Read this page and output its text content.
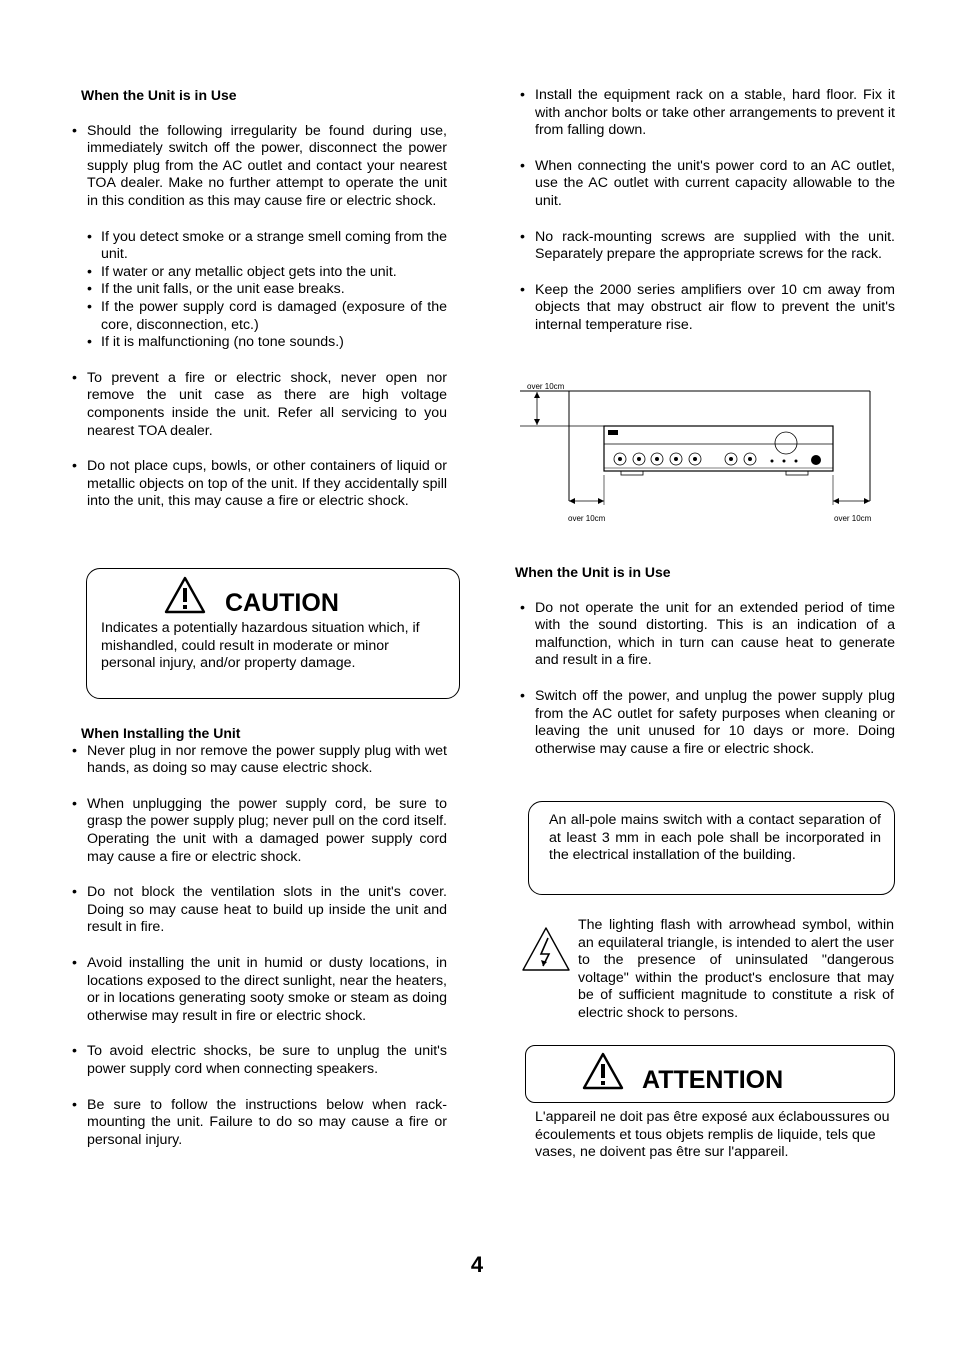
When the Unit is in Use

• Should the following irregularity be found during use, immediately switch off the power, disconnect the power supply plug from the AC outlet and contact your nearest TOA dealer. Make no further attempt to operate the unit in this condition as this may cause fire or electric shock.
• If you detect smoke or a strange smell coming from the unit.
• If water or any metallic object gets into the unit.
• If the unit falls, or the unit ease breaks.
• If the power supply cord is damaged (exposure of the core, disconnection, etc.)
• If it is malfunctioning (no tone sounds.)
• To prevent a fire or electric shock, never open nor remove the unit case as there are high voltage components inside the unit. Refer all servicing to you nearest TOA dealer.
• Do not place cups, bowls, or other containers of liquid or metallic objects on top of the unit. If they accidentally spill into the unit, this may cause a fire or electric shock.
CAUTION
Indicates a potentially hazardous situation which, if mishandled, could result in moderate or minor personal injury, and/or property damage.

When Installing the Unit

• Never plug in nor remove the power supply plug with wet hands, as doing so may cause electric shock.
• When unplugging the power supply cord, be sure to grasp the power supply plug; never pull on the cord itself. Operating the unit with a damaged power supply cord may cause a fire or electric shock.
• Do not block the ventilation slots in the unit's cover. Doing so may cause heat to build up inside the unit and result in fire.
• Avoid installing the unit in humid or dusty locations, in locations exposed to the direct sunlight, near the heaters, or in locations generating sooty smoke or steam as doing otherwise may result in fire or electric shock.
• To avoid electric shocks, be sure to unplug the unit's power supply cord when connecting speakers.
• Be sure to follow the instructions below when rack-mounting the unit. Failure to do so may cause a fire or personal injury.
• Install the equipment rack on a stable, hard floor. Fix it with anchor bolts or take other arrangements to prevent it from falling down.
• When connecting the unit's power cord to an AC outlet, use the AC outlet with current capacity allowable to the unit.
• No rack-mounting screws are supplied with the unit. Separately prepare the appropriate screws for the rack.
• Keep the 2000 series amplifiers over 10 cm away from objects that may obstruct air flow to prevent the unit's internal temperature rise.
over 10cm
over 10cm	over 10cm

When the Unit is in Use

• Do not operate the unit for an extended period of time with the sound distorting. This is an indication of a malfunction, which in turn can cause heat to generate and result in a fire.
• Switch off the power, and unplug the power supply plug from the AC outlet for safety purposes when cleaning or leaving the unit unused for 10 days or more. Doing otherwise may cause a fire or electric shock.
An all-pole mains switch with a contact separation of at least 3 mm in each pole shall be incorporated in the electrical installation of the building.
The lighting flash with arrowhead symbol, within an equilateral triangle, is intended to alert the user to the presence of uninsulated "dangerous voltage" within the product's enclosure that may be of sufficient magnitude to constitute a risk of electric shock to persons.
ATTENTION
L'appareil ne doit pas être exposé aux éclaboussures ou écoulements et tous objets remplis de liquide, tels que vases, ne doivent pas être sur l'appareil.
4
